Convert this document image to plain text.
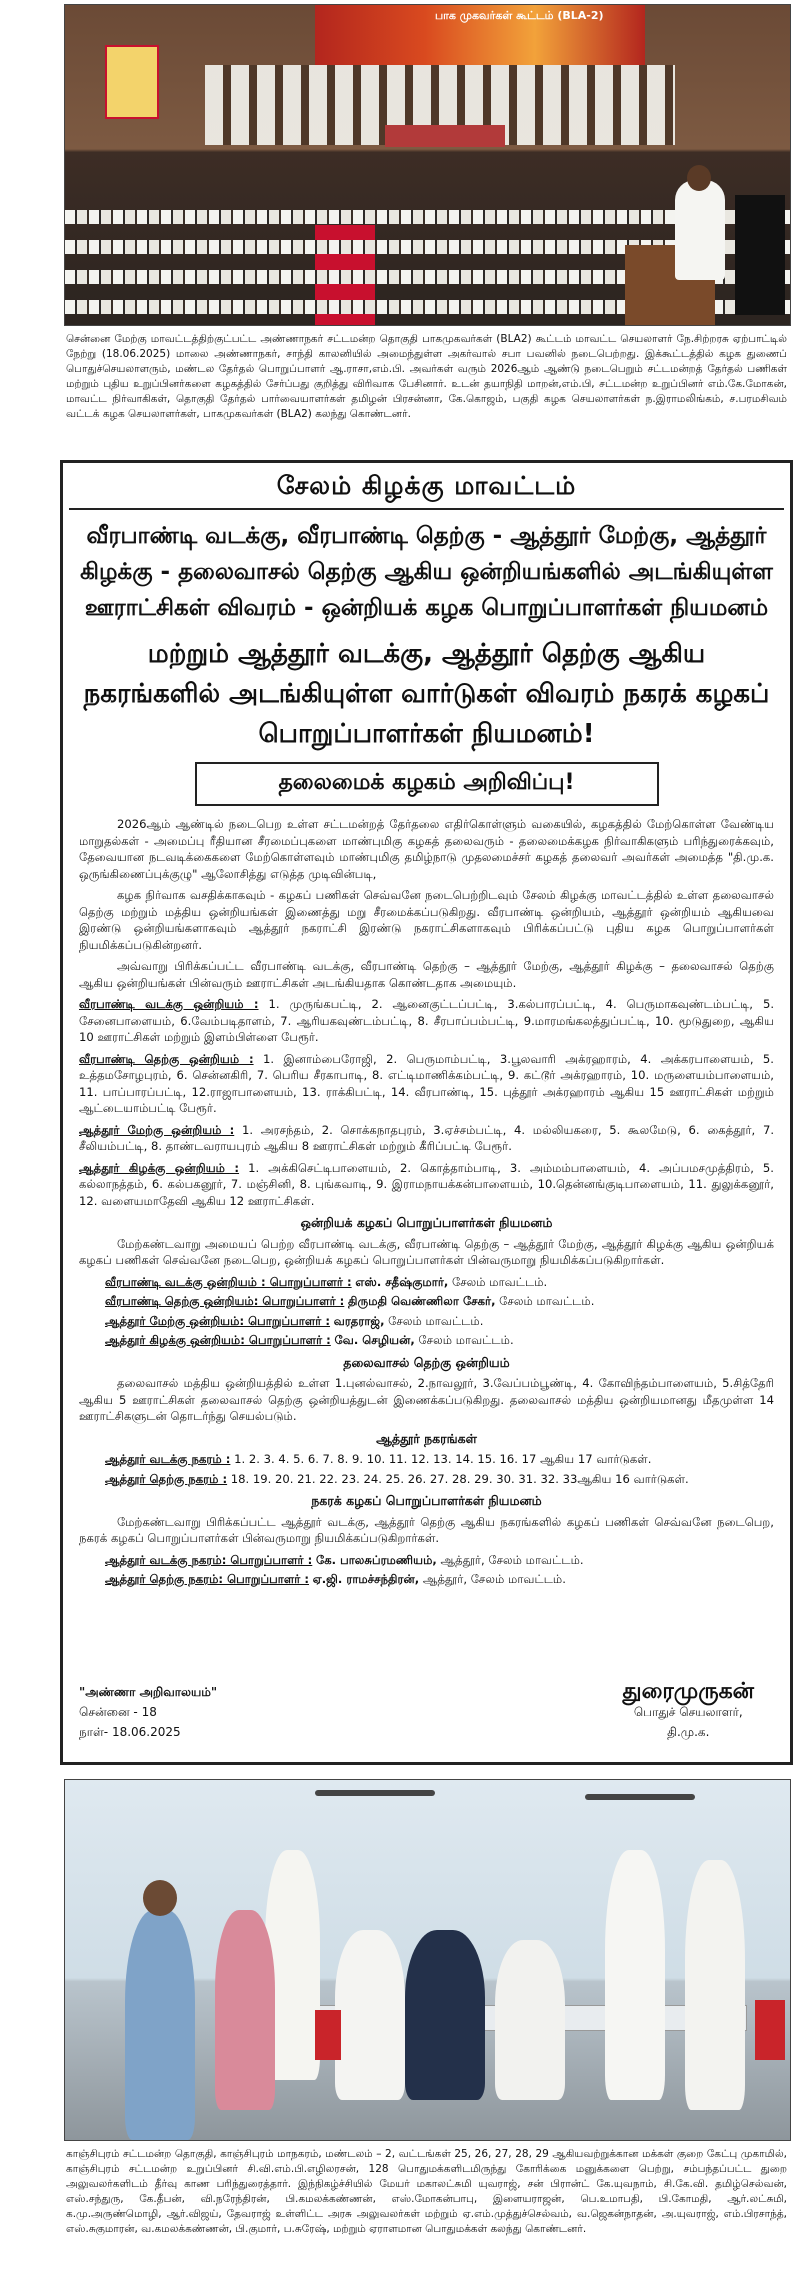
பாக முகவர்கள் கூட்டம் (BLA-2)
சென்னை மேற்கு மாவட்டத்திற்குட்பட்ட அண்ணாநகர் சட்டமன்ற தொகுதி பாகமுகவர்கள் (BLA2) கூட்டம் மாவட்ட செயலாளர் நே.சிற்றரசு ஏற்பாட்டில் நேற்று (18.06.2025) மாலை அண்ணாநகர், சாந்தி காலனியில் அமைந்துள்ள அகர்வால் சபா பவனில் நடைபெற்றது. இக்கூட்டத்தில் கழக துணைப் பொதுச்செயலாளரும், மண்டல தேர்தல் பொறுப்பாளர் ஆ.ராசா,எம்.பி. அவர்கள் வரும் 2026ஆம் ஆண்டு நடைபெறும் சட்டமன்றத் தேர்தல் பணிகள் மற்றும் புதிய உறுப்பினர்களை கழகத்தில் சேர்ப்பது குறித்து விரிவாக பேசினார். உடன் தயாநிதி மாறன்,எம்.பி, சட்டமன்ற உறுப்பினர் எம்.கே.மோகன், மாவட்ட நிர்வாகிகள், தொகுதி தேர்தல் பார்வையாளர்கள் தமிழன் பிரசன்னா, கே.கொஜம், பகுதி கழக செயலாளர்கள் ந.இராமலிங்கம், ச.பரமசிவம் வட்டக் கழக செயலாளர்கள், பாகமுகவர்கள் (BLA2) கலந்து கொண்டனர்.
சேலம் கிழக்கு மாவட்டம்
வீரபாண்டி வடக்கு, வீரபாண்டி தெற்கு - ஆத்தூர் மேற்கு, ஆத்தூர் கிழக்கு - தலைவாசல் தெற்கு ஆகிய ஒன்றியங்களில் அடங்கியுள்ள ஊராட்சிகள் விவரம் - ஒன்றியக் கழக பொறுப்பாளர்கள் நியமனம்
மற்றும் ஆத்தூர் வடக்கு, ஆத்தூர் தெற்கு ஆகிய நகரங்களில் அடங்கியுள்ள வார்டுகள் விவரம் நகரக் கழகப் பொறுப்பாளர்கள் நியமனம்!
தலைமைக் கழகம் அறிவிப்பு!

2026ஆம் ஆண்டில் நடைபெற உள்ள சட்டமன்றத் தேர்தலை எதிர்கொள்ளும் வகையில், கழகத்தில் மேற்கொள்ள வேண்டிய மாறுதல்கள் - அமைப்பு ரீதியான சீரமைப்புகளை மாண்புமிகு கழகத் தலைவரும் - தலைமைக்கழக நிர்வாகிகளும் பரிந்துரைக்கவும், தேவையான நடவடிக்கைகளை மேற்கொள்ளவும் மாண்புமிகு தமிழ்நாடு முதலமைச்சர் கழகத் தலைவர் அவர்கள் அமைத்த "தி.மு.க. ஒருங்கிணைப்புக்குழு" ஆலோசித்து எடுத்த முடிவின்படி,

கழக நிர்வாக வசதிக்காகவும் - கழகப் பணிகள் செவ்வனே நடைபெற்றிடவும் சேலம் கிழக்கு மாவட்டத்தில் உள்ள தலைவாசல் தெற்கு மற்றும் மத்திய ஒன்றியங்கள் இணைத்து மறு சீரமைக்கப்படுகிறது. வீரபாண்டி ஒன்றியம், ஆத்தூர் ஒன்றியம் ஆகியவை இரண்டு ஒன்றியங்களாகவும் ஆத்தூர் நகராட்சி இரண்டு நகராட்சிகளாகவும் பிரிக்கப்பட்டு புதிய கழக பொறுப்பாளர்கள் நியமிக்கப்படுகின்றனர்.

அவ்வாறு பிரிக்கப்பட்ட வீரபாண்டி வடக்கு, வீரபாண்டி தெற்கு – ஆத்தூர் மேற்கு, ஆத்தூர் கிழக்கு – தலைவாசல் தெற்கு ஆகிய ஒன்றியங்கள் பின்வரும் ஊராட்சிகள் அடங்கியதாக கொண்டதாக அமையும்.

வீரபாண்டி வடக்கு ஒன்றியம் : 1. முருங்கபட்டி, 2. ஆனைகுட்டப்பட்டி, 3.கல்பாரப்பட்டி, 4. பெருமாகவுண்டம்பட்டி, 5. சேனைபாளையம், 6.வேம்படிதாளம், 7. ஆரியகவுண்டம்பட்டி, 8. சீரபாப்பம்பட்டி, 9.மாரமங்கலத்துப்பட்டி, 10. மூடுதுறை, ஆகிய 10 ஊராட்சிகள் மற்றும் இளம்பிள்ளை பேரூர்.

வீரபாண்டி தெற்கு ஒன்றியம் : 1. இனாம்பைரோஜி, 2. பெருமாம்பட்டி, 3.பூலவாரி அக்ரஹாரம், 4. அக்கரபாளையம், 5. உத்தமசோழபுரம், 6. சென்னகிரி, 7. பெரிய சீரகாபாடி, 8. எட்டிமாணிக்கம்பட்டி, 9. கட்டூர் அக்ரஹாரம், 10. மருளையம்பாளையம், 11. பாப்பாரப்பட்டி, 12.ராஜாபாளையம், 13. ராக்கிபட்டி, 14. வீரபாண்டி, 15. புத்தூர் அக்ரஹாரம் ஆகிய 15 ஊராட்சிகள் மற்றும் ஆட்டையாம்பட்டி பேரூர்.

ஆத்தூர் மேற்கு ஒன்றியம் : 1. அரசந்தம், 2. சொக்கநாதபுரம், 3.ஏச்சம்பட்டி, 4. மல்லியகரை, 5. கூலமேடு, 6. கைத்தூர், 7. சீலியம்பட்டி, 8. தாண்டவராயபுரம் ஆகிய 8 ஊராட்சிகள் மற்றும் கீரிப்பட்டி பேரூர்.

ஆத்தூர் கிழக்கு ஒன்றியம் : 1. அக்கிசெட்டிபாளையம், 2. கொத்தாம்பாடி, 3. அம்மம்பாளையம், 4. அப்பமசமுத்திரம், 5. கல்லாநத்தம், 6. கல்பகனூர், 7. மஞ்சினி, 8. புங்கவாடி, 9. இராமநாயக்கன்பாளையம், 10.தென்னங்குடிபாளையம், 11. துலுக்கனூர், 12. வளையமாதேவி ஆகிய 12 ஊராட்சிகள்.

ஒன்றியக் கழகப் பொறுப்பாளர்கள் நியமனம்

மேற்கண்டவாறு அமையப் பெற்ற வீரபாண்டி வடக்கு, வீரபாண்டி தெற்கு – ஆத்தூர் மேற்கு, ஆத்தூர் கிழக்கு ஆகிய ஒன்றியக் கழகப் பணிகள் செவ்வனே நடைபெற, ஒன்றியக் கழகப் பொறுப்பாளர்கள் பின்வருமாறு நியமிக்கப்படுகிறார்கள்.

வீரபாண்டி வடக்கு ஒன்றியம் : பொறுப்பாளர் : எஸ். சதீஷ்குமார், சேலம் மாவட்டம்.
வீரபாண்டி தெற்கு ஒன்றியம்: பொறுப்பாளர் : திருமதி வெண்ணிலா சேகர், சேலம் மாவட்டம்.
ஆத்தூர் மேற்கு ஒன்றியம்: பொறுப்பாளர் : வரதராஜ், சேலம் மாவட்டம்.
ஆத்தூர் கிழக்கு ஒன்றியம்: பொறுப்பாளர் : வே. செழியன், சேலம் மாவட்டம்.
தலைவாசல் தெற்கு ஒன்றியம்

தலைவாசல் மத்திய ஒன்றியத்தில் உள்ள 1.புனல்வாசல், 2.நாவலூர், 3.வேப்பம்பூண்டி, 4. கோவிந்தம்பாளையம், 5.சித்தேரி ஆகிய 5 ஊராட்சிகள் தலைவாசல் தெற்கு ஒன்றியத்துடன் இணைக்கப்படுகிறது. தலைவாசல் மத்திய ஒன்றியமானது மீதமுள்ள 14 ஊராட்சிகளுடன் தொடர்ந்து செயல்படும்.

ஆத்தூர் நகரங்கள்
ஆத்தூர் வடக்கு நகரம் : 1. 2. 3. 4. 5. 6. 7. 8. 9. 10. 11. 12. 13. 14. 15. 16. 17 ஆகிய 17 வார்டுகள்.
ஆத்தூர் தெற்கு நகரம் : 18. 19. 20. 21. 22. 23. 24. 25. 26. 27. 28. 29. 30. 31. 32. 33ஆகிய 16 வார்டுகள்.
நகரக் கழகப் பொறுப்பாளர்கள் நியமனம்

மேற்கண்டவாறு பிரிக்கப்பட்ட ஆத்தூர் வடக்கு, ஆத்தூர் தெற்கு ஆகிய நகரங்களில் கழகப் பணிகள் செவ்வனே நடைபெற, நகரக் கழகப் பொறுப்பாளர்கள் பின்வருமாறு நியமிக்கப்படுகிறார்கள்.

ஆத்தூர் வடக்கு நகரம்: பொறுப்பாளர் : கே. பாலசுப்ரமணியம், ஆத்தூர், சேலம் மாவட்டம்.
ஆத்தூர் தெற்கு நகரம்: பொறுப்பாளர் : ஏ.ஜி. ராமச்சந்திரன், ஆத்தூர், சேலம் மாவட்டம்.
"அண்ணா அறிவாலயம்"
சென்னை - 18
நாள்- 18.06.2025
துரைமுருகன்
பொதுச் செயலாளர்,
தி.மு.க.
காஞ்சிபுரம் சட்டமன்ற தொகுதி, காஞ்சிபுரம் மாநகரம், மண்டலம் – 2, வட்டங்கள் 25, 26, 27, 28, 29 ஆகியவற்றுக்கான மக்கள் குறை கேட்பு முகாமில், காஞ்சிபுரம் சட்டமன்ற உறுப்பினர் சி.வி.எம்.பி.எழிலரசன், 128 பொதுமக்களிடமிருந்து கோரிக்கை மனுக்களை பெற்று, சம்பந்தப்பட்ட துறை அலுவலர்களிடம் தீர்வு காண பரிந்துரைத்தார். இந்நிகழ்ச்சியில் மேயர் மகாலட்சுமி யுவராஜ், சன் பிரான்ட் கே.யுவநாம், சி.கே.வி. தமிழ்செல்வன், எஸ்.சந்துரு, கே.தீபன், வி.நரேந்திரன், பி.கமலக்கண்ணன், எஸ்.மோகன்பாபு, இளையராஜன், பெ.உமாபதி, பி.கோமதி, ஆர்.லட்சுமி, க.மு.அருண்மொழி, ஆர்.விஜய், தேவராஜ் உள்ளிட்ட அரசு அலுவலர்கள் மற்றும் ஏ.எம்.முத்துச்செல்வம், வ.ஜெகன்நாதன், அ.யுவராஜ், எம்.பிரசாந்த், எஸ்.சுகுமாரன், வ.கமலக்கண்ணன், பி.குமார், ப.சுரேஷ், மற்றும் ஏராளமான பொதுமக்கள் கலந்து கொண்டனர்.
